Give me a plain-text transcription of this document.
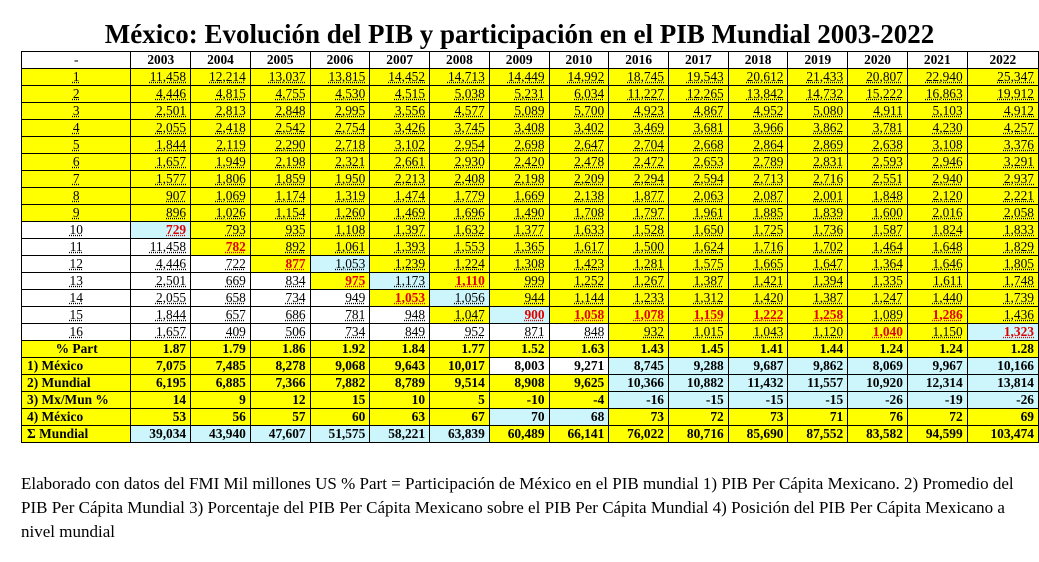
México: Evolución del PIB y participación en el PIB Mundial 2003-2022
-	2003	2004	2005	2006	2007	2008	2009	2010	2016	2017	2018	2019	2020	2021	2022
1	11,458	12,214	13,037	13,815	14,452	14,713	14,449	14,992	18,745	19,543	20,612	21,433	20,807	22,940	25,347
2	4,446	4,815	4,755	4,530	4,515	5,038	5,231	6,034	11,227	12,265	13,842	14,732	15,222	16,863	19,912
3	2,501	2,813	2,848	2,995	3,556	4,577	5,089	5,700	4,923	4,867	4,952	5,080	4,911	5,103	4,912
4	2,055	2,418	2,542	2,754	3,426	3,745	3,408	3,402	3,469	3,681	3,966	3,862	3,781	4,230	4,257
5	1,844	2,119	2,290	2,718	3,102	2,954	2,698	2,647	2,704	2,668	2,864	2,869	2,638	3,108	3,376
6	1,657	1,949	2,198	2,321	2,661	2,930	2,420	2,478	2,472	2,653	2,789	2,831	2,593	2,946	3,291
7	1,577	1,806	1,859	1,950	2,213	2,408	2,198	2,209	2,294	2,594	2,713	2,716	2,551	2,940	2,937
8	907	1,069	1,174	1,319	1,474	1,779	1,669	2,138	1,877	2,063	2,087	2,001	1,848	2,120	2,221
9	896	1,026	1,154	1,260	1,469	1,696	1,490	1,708	1,797	1,961	1,885	1,839	1,600	2,016	2,058
10	729	793	935	1,108	1,397	1,632	1,377	1,633	1,528	1,650	1,725	1,736	1,587	1,824	1,833
11	11,458	782	892	1,061	1,393	1,553	1,365	1,617	1,500	1,624	1,716	1,702	1,464	1,648	1,829
12	4,446	722	877	1,053	1,239	1,224	1,308	1,423	1,281	1,575	1,665	1,647	1,364	1,646	1,805
13	2,501	669	834	975	1,173	1,110	999	1,252	1,267	1,387	1,421	1,394	1,335	1,611	1,748
14	2,055	658	734	949	1,053	1,056	944	1,144	1,233	1,312	1,420	1,387	1,247	1,440	1,739
15	1,844	657	686	781	948	1,047	900	1,058	1,078	1,159	1,222	1,258	1,089	1,286	1,436
16	1,657	409	506	734	849	952	871	848	932	1,015	1,043	1,120	1,040	1,150	1,323
% Part	1.87	1.79	1.86	1.92	1.84	1.77	1.52	1.63	1.43	1.45	1.41	1.44	1.24	1.24	1.28
1) México	7,075	7,485	8,278	9,068	9,643	10,017	8,003	9,271	8,745	9,288	9,687	9,862	8,069	9,967	10,166
2) Mundial	6,195	6,885	7,366	7,882	8,789	9,514	8,908	9,625	10,366	10,882	11,432	11,557	10,920	12,314	13,814
3) Mx/Mun %	14	9	12	15	10	5	-10	-4	-16	-15	-15	-15	-26	-19	-26
4) México	53	56	57	60	63	67	70	68	73	72	73	71	76	72	69
Σ Mundial	39,034	43,940	47,607	51,575	58,221	63,839	60,489	66,141	76,022	80,716	85,690	87,552	83,582	94,599	103,474
Elaborado con datos del FMI Mil millones US % Part = Participación de México en el PIB mundial 1) PIB Per Cápita Mexicano. 2) Promedio del PIB Per Cápita Mundial 3) Porcentaje del PIB Per Cápita Mexicano sobre el PIB Per Cápita Mundial 4) Posición del PIB Per Cápita Mexicano a nivel mundial
